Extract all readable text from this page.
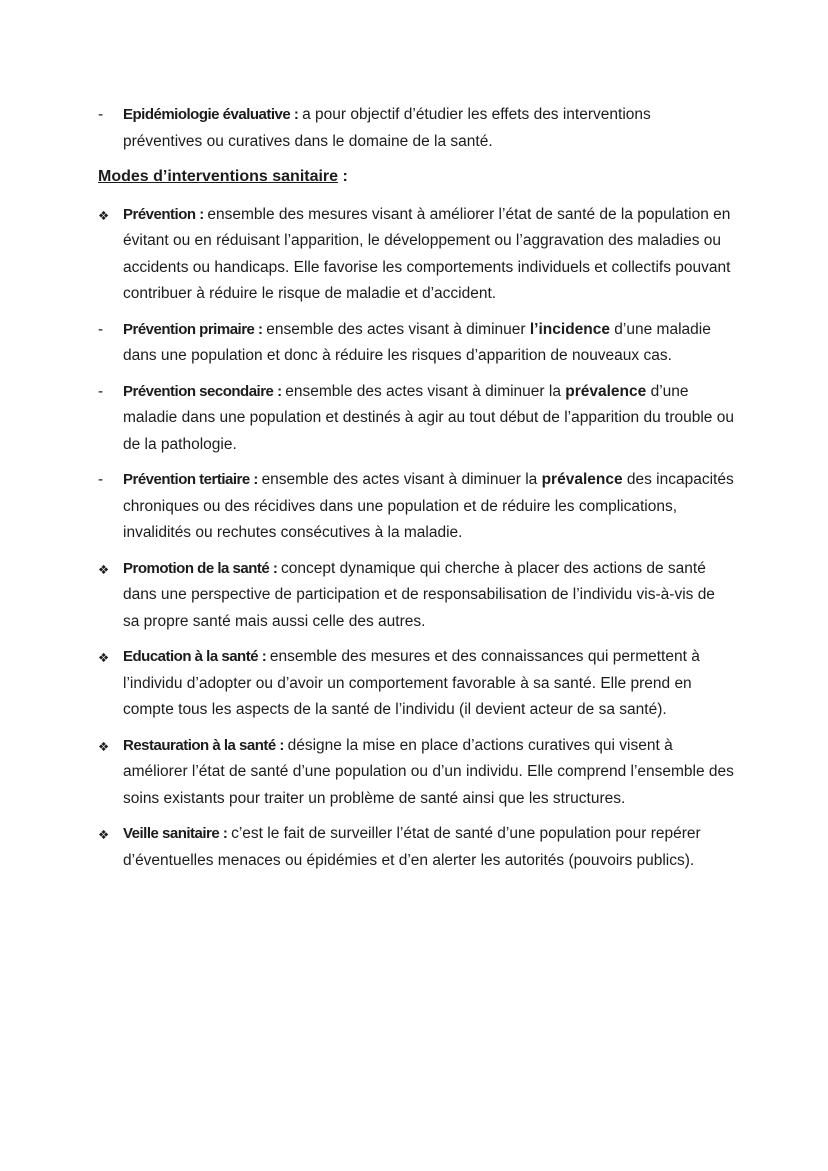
-	Epidémiologie évaluative : a pour objectif d’étudier les effets des interventions préventives ou curatives dans le domaine de la santé.
Modes d’interventions sanitaire :
❖ Prévention : ensemble des mesures visant à améliorer l’état de santé de la population en évitant ou en réduisant l’apparition, le développement ou l’aggravation des maladies ou accidents ou handicaps. Elle favorise les comportements individuels et collectifs pouvant contribuer à réduire le risque de maladie et d’accident.
-	Prévention primaire : ensemble des actes visant à diminuer l’incidence d’une maladie dans une population et donc à réduire les risques d’apparition de nouveaux cas.
-	Prévention secondaire : ensemble des actes visant à diminuer la prévalence d’une maladie dans une population et destinés à agir au tout début de l’apparition du trouble ou de la pathologie.
-	Prévention tertiaire : ensemble des actes visant à diminuer la prévalence des incapacités chroniques ou des récidives dans une population et de réduire les complications, invalidités ou rechutes consécutives à la maladie.
❖ Promotion de la santé : concept dynamique qui cherche à placer des actions de santé dans une perspective de participation et de responsabilisation de l’individu vis-à-vis de sa propre santé mais aussi celle des autres.
❖ Education à la santé : ensemble des mesures et des connaissances qui permettent à l’individu d’adopter ou d’avoir un comportement favorable à sa santé. Elle prend en compte tous les aspects de la santé de l’individu (il devient acteur de sa santé).
❖ Restauration à la santé : désigne la mise en place d’actions curatives qui visent à améliorer l’état de santé d’une population ou d’un individu. Elle comprend l’ensemble des soins existants pour traiter un problème de santé ainsi que les structures.
❖ Veille sanitaire : c’est le fait de surveiller l’état de santé d’une population pour repérer d’éventuelles menaces ou épidémies et d’en alerter les autorités (pouvoirs publics).
